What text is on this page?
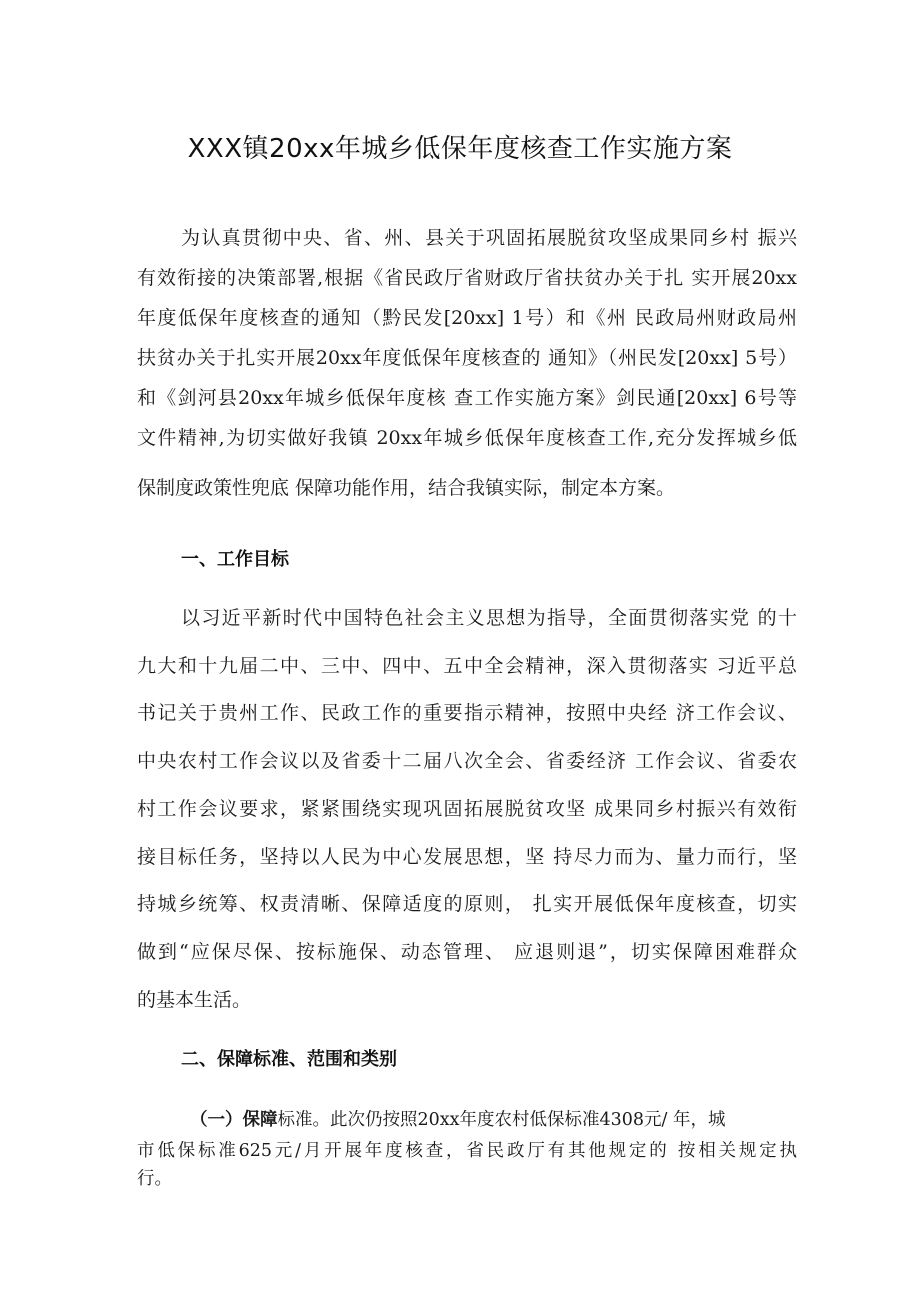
XXX镇20xx年城乡低保年度核查工作实施方案
为认真贯彻中央、省、州、县关于巩固拓展脱贫攻坚成果同乡村 振兴
有效衔接的决策部署,根据《省民政厅省财政厅省扶贫办关于扎 实开展20xx
年度低保年度核查的通知（黔民发[20xx] 1号）和《州 民政局州财政局州
扶贫办关于扎实开展20xx年度低保年度核查的 通知》（州民发[20xx] 5号）
和《剑河县20xx年城乡低保年度核 查工作实施方案》剑民通[20xx] 6号等
文件精神,为切实做好我镇 20xx年城乡低保年度核查工作,充分发挥城乡低
保制度政策性兜底 保障功能作用，结合我镇实际，制定本方案。
一、工作目标
以习近平新时代中国特色社会主义思想为指导，全面贯彻落实党 的十
九大和十九届二中、三中、四中、五中全会精神，深入贯彻落实 习近平总
书记关于贵州工作、民政工作的重要指示精神，按照中央经 济工作会议、
中央农村工作会议以及省委十二届八次全会、省委经济 工作会议、省委农
村工作会议要求，紧紧围绕实现巩固拓展脱贫攻坚 成果同乡村振兴有效衔
接目标任务，坚持以人民为中心发展思想，坚 持尽力而为、量力而行，坚
持城乡统筹、权责清晰、保障适度的原则， 扎实开展低保年度核查，切实
做到“应保尽保、按标施保、动态管理、 应退则退”，切实保障困难群众
的基本生活。
二、保障标准、范围和类别
（一）保障标准。此次仍按照20xx年度农村低保标准4308元/ 年，城
市低保标准625元/月开展年度核查，省民政厅有其他规定的 按相关规定执
行。
